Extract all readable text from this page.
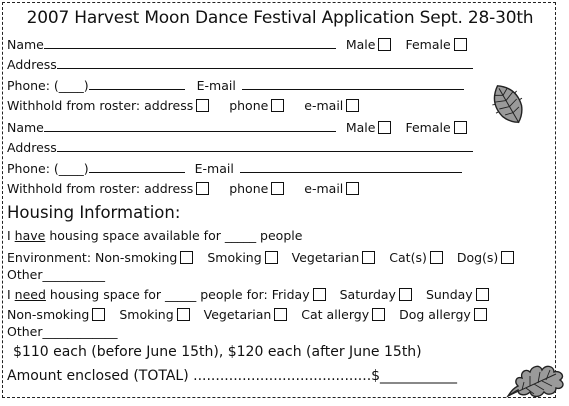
2007 Harvest Moon Dance Festival Application Sept. 28-30th
Name	Male Female
Address
Phone: (____)	E-mail
Withhold from roster: address	phone	e-mail
Name	Male Female
Address
Phone: (____)	E-mail
Withhold from roster: address	phone	e-mail
Housing Information:
I have housing space available for _____ people
Environment: Non-smoking Smoking Vegetarian Cat(s) Dog(s)
Other__________
I need housing space for _____ people for: Friday Saturday Sunday
Non-smoking Smoking Vegetarian Cat allergy Dog allergy
Other____________
$110 each (before June 15th), $120 each (after June 15th)
Amount enclosed (TOTAL) ........................................$___________
